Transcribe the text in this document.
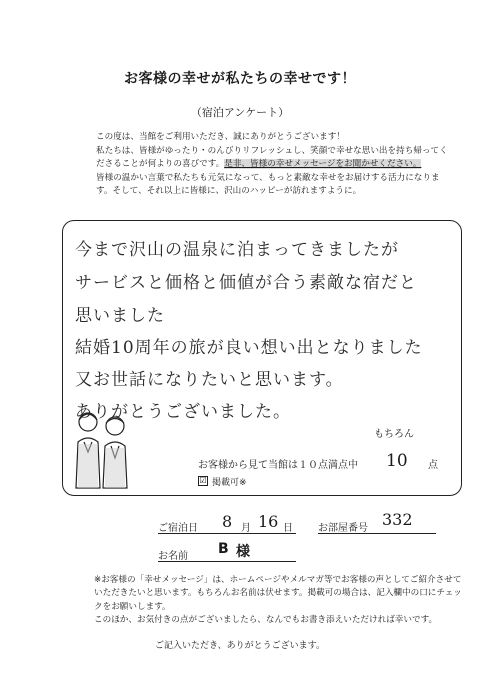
お客様の幸せが私たちの幸せです！
（宿泊アンケート）

この度は、当館をご利用いただき、誠にありがとうございます！

私たちは、皆様がゆったり・のんびりリフレッシュし、笑顔で幸せな思い出を持ち帰ってくださることが何よりの喜びです。是非、皆様の幸せメッセージをお聞かせください。

皆様の温かい言葉で私たちも元気になって、もっと素敵な幸せをお届けする活力になります。そして、それ以上に皆様に、沢山のハッピーが訪れますように。

今まで沢山の温泉に泊まってきましたが
サービスと価格と価値が合う素敵な宿だと
思いました
結婚10周年の旅が良い想い出となりました
又お世話になりたいと思います。
ありがとうございました。
お客様から見て当館は１０点満点中
もちろん
10 点
☑ 掲載可※
ご宿泊日 8 月 16 日	お部屋番号 332
お名前 B 様

※お客様の「幸せメッセージ」は、ホームページやメルマガ等でお客様の声としてご紹介させていただきたいと思います。もちろんお名前は伏せます。掲載可の場合は、記入欄中の口にチェックをお願いします。

このほか、お気付きの点がございましたら、なんでもお書き添えいただければ幸いです。

ご記入いただき、ありがとうございます。
